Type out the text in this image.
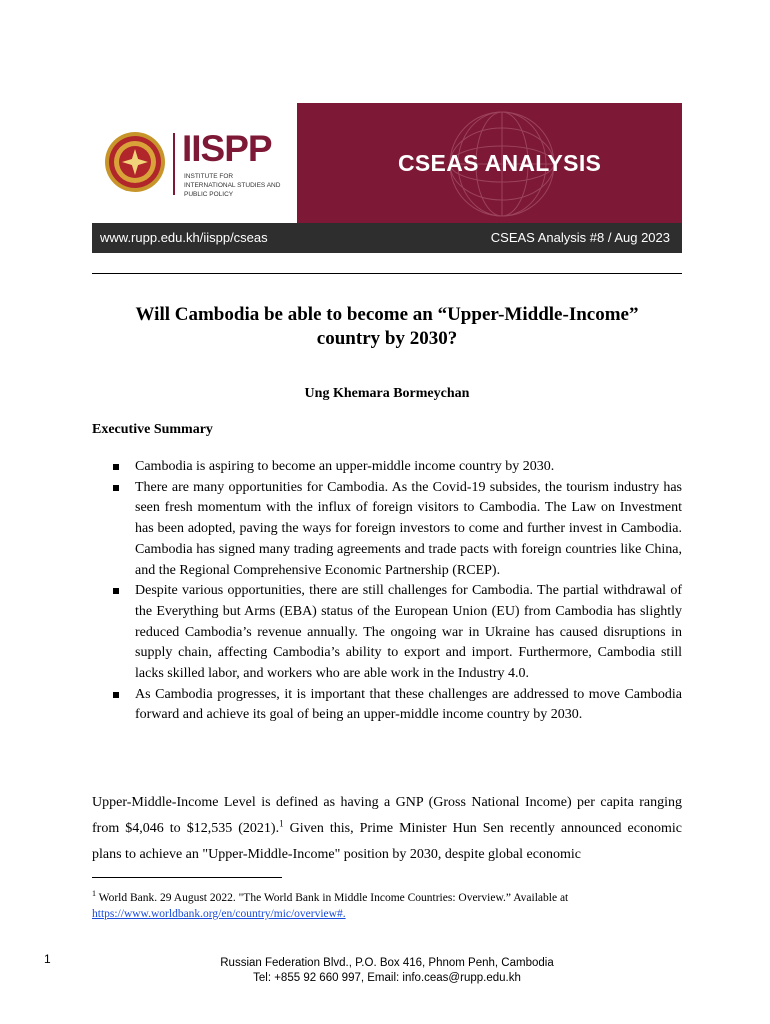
IISPP
INSTITUTE FOR INTERNATIONAL STUDIES AND PUBLIC POLICY
CSEAS ANALYSIS
www.rupp.edu.kh/iispp/cseas	CSEAS Analysis #8 / Aug 2023
Will Cambodia be able to become an “Upper-Middle-Income”
country by 2030?
Ung Khemara Bormeychan
Executive Summary
Cambodia is aspiring to become an upper-middle income country by 2030.
There are many opportunities for Cambodia. As the Covid-19 subsides, the tourism industry has seen fresh momentum with the influx of foreign visitors to Cambodia. The Law on Investment has been adopted, paving the ways for foreign investors to come and further invest in Cambodia. Cambodia has signed many trading agreements and trade pacts with foreign countries like China, and the Regional Comprehensive Economic Partnership (RCEP).
Despite various opportunities, there are still challenges for Cambodia. The partial withdrawal of the Everything but Arms (EBA) status of the European Union (EU) from Cambodia has slightly reduced Cambodia’s revenue annually. The ongoing war in Ukraine has caused disruptions in supply chain, affecting Cambodia’s ability to export and import. Furthermore, Cambodia still lacks skilled labor, and workers who are able work in the Industry 4.0.
As Cambodia progresses, it is important that these challenges are addressed to move Cambodia forward and achieve its goal of being an upper-middle income country by 2030.

Upper-Middle-Income Level is defined as having a GNP (Gross National Income) per capita ranging from $4,046 to $12,535 (2021).$^1$ Given this, Prime Minister Hun Sen recently announced economic plans to achieve an "Upper-Middle-Income" position by 2030, despite global economic

$^1$ World Bank. 29 August 2022. "The World Bank in Middle Income Countries: Overview.” Available at
https://www.worldbank.org/en/country/mic/overview#.
1	Russian Federation Blvd., P.O. Box 416, Phnom Penh, Cambodia
Tel: +855 92 660 997, Email: info.ceas@rupp.edu.kh
